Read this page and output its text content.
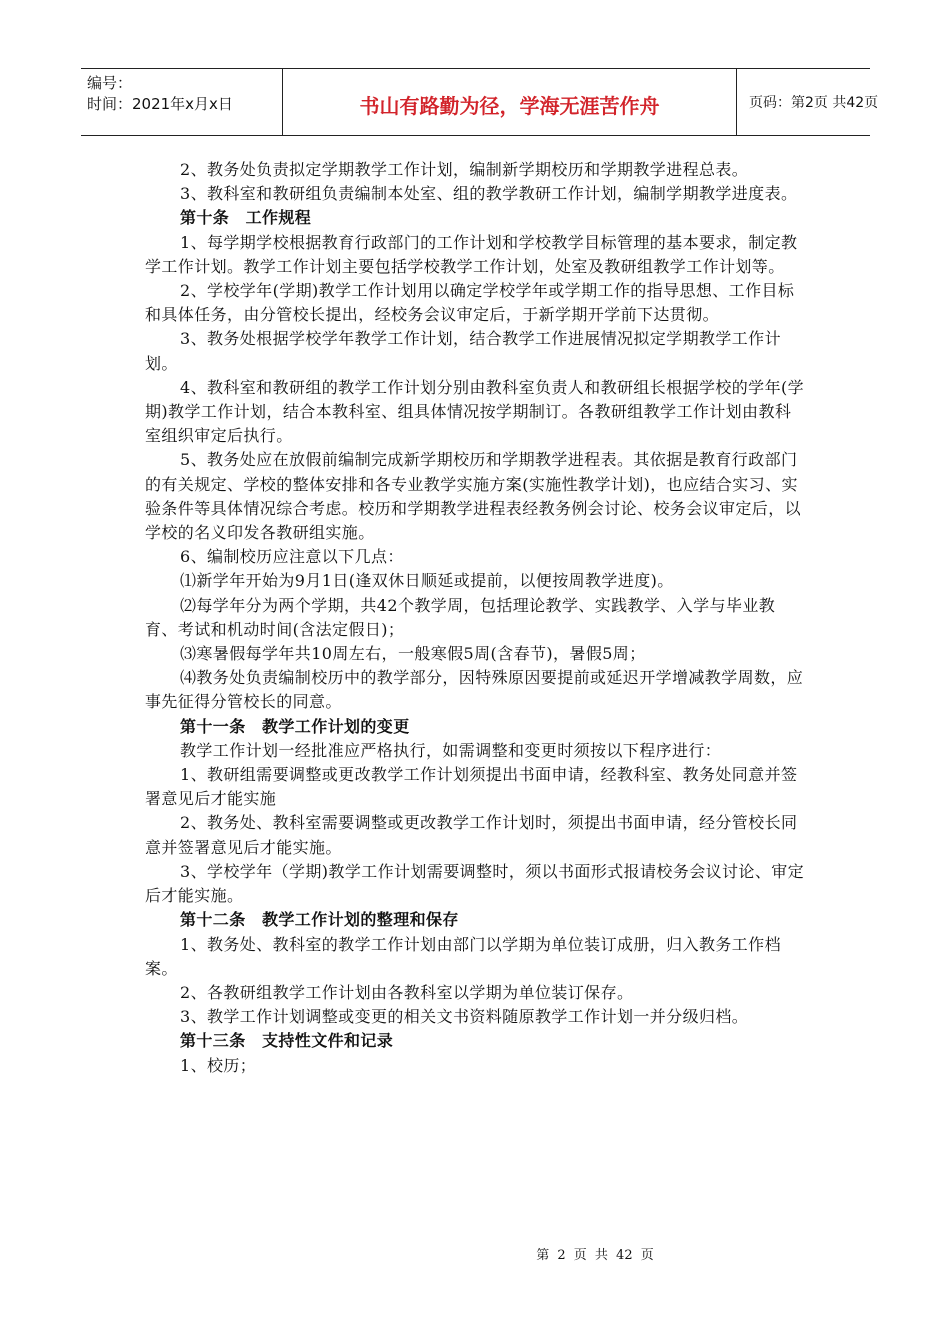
编号：
时间：2021年x月x日	书山有路勤为径，学海无涯苦作舟	页码：第2页 共42页

2、教务处负责拟定学期教学工作计划，编制新学期校历和学期教学进程总表。

3、教科室和教研组负责编制本处室、组的教学教研工作计划，编制学期教学进度表。

第十条　工作规程

1、每学期学校根据教育行政部门的工作计划和学校教学目标管理的基本要求，制定教学工作计划。教学工作计划主要包括学校教学工作计划，处室及教研组教学工作计划等。

2、学校学年(学期)教学工作计划用以确定学校学年或学期工作的指导思想、工作目标和具体任务，由分管校长提出，经校务会议审定后，于新学期开学前下达贯彻。

3、教务处根据学校学年教学工作计划，结合教学工作进展情况拟定学期教学工作计划。

4、教科室和教研组的教学工作计划分别由教科室负责人和教研组长根据学校的学年(学期)教学工作计划，结合本教科室、组具体情况按学期制订。各教研组教学工作计划由教科室组织审定后执行。

5、教务处应在放假前编制完成新学期校历和学期教学进程表。其依据是教育行政部门的有关规定、学校的整体安排和各专业教学实施方案(实施性教学计划)，也应结合实习、实验条件等具体情况综合考虑。校历和学期教学进程表经教务例会讨论、校务会议审定后，以学校的名义印发各教研组实施。

6、编制校历应注意以下几点：

⑴新学年开始为9月1日(逢双休日顺延或提前，以便按周教学进度)。

⑵每学年分为两个学期，共42个教学周，包括理论教学、实践教学、入学与毕业教育、考试和机动时间(含法定假日)；

⑶寒暑假每学年共10周左右，一般寒假5周(含春节)，暑假5周；

⑷教务处负责编制校历中的教学部分，因特殊原因要提前或延迟开学增减教学周数，应事先征得分管校长的同意。

第十一条　教学工作计划的变更

教学工作计划一经批准应严格执行，如需调整和变更时须按以下程序进行：

1、教研组需要调整或更改教学工作计划须提出书面申请，经教科室、教务处同意并签署意见后才能实施

2、教务处、教科室需要调整或更改教学工作计划时，须提出书面申请，经分管校长同意并签署意见后才能实施。

3、学校学年（学期)教学工作计划需要调整时，须以书面形式报请校务会议讨论、审定后才能实施。

第十二条　教学工作计划的整理和保存

1、教务处、教科室的教学工作计划由部门以学期为单位装订成册，归入教务工作档案。

2、各教研组教学工作计划由各教科室以学期为单位装订保存。

3、教学工作计划调整或变更的相关文书资料随原教学工作计划一并分级归档。

第十三条　支持性文件和记录

1、校历；

第 2 页 共 42 页
